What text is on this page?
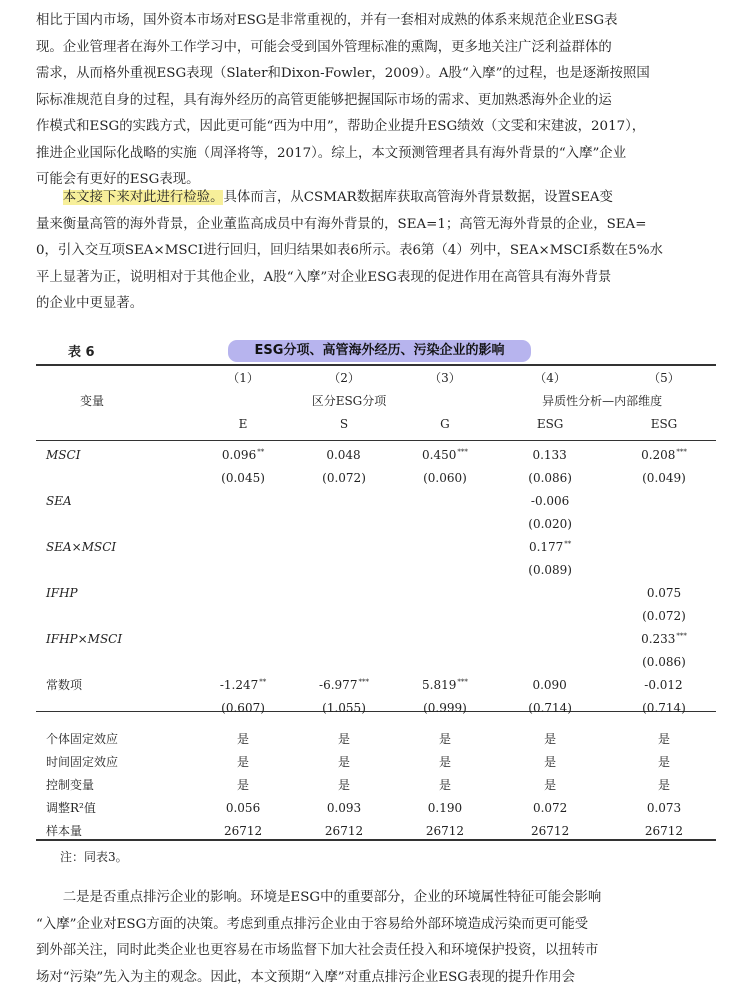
相比于国内市场，国外资本市场对ESG是非常重视的，并有一套相对成熟的体系来规范企业ESG表
现。企业管理者在海外工作学习中，可能会受到国外管理标准的熏陶，更多地关注广泛利益群体的
需求，从而格外重视ESG表现（Slater和Dixon-Fowler，2009）。A股“入摩”的过程，也是逐渐按照国
际标准规范自身的过程，具有海外经历的高管更能够把握国际市场的需求、更加熟悉海外企业的运
作模式和ESG的实践方式，因此更可能“西为中用”，帮助企业提升ESG绩效（文雯和宋建波，2017），
推进企业国际化战略的实施（周泽将等，2017）。综上，本文预测管理者具有海外背景的“入摩”企业
可能会有更好的ESG表现。
　　本文接下来对此进行检验。具体而言，从CSMAR数据库获取高管海外背景数据，设置SEA变
量来衡量高管的海外背景，企业董监高成员中有海外背景的，SEA=1；高管无海外背景的企业，SEA=
0，引入交互项SEA×MSCI进行回归，回归结果如表6所示。表6第（4）列中，SEA×MSCI系数在5%水
平上显著为正，说明相对于其他企业，A股“入摩”对企业ESG表现的促进作用在高管具有海外背景
的企业中更显著。
表 6	ESG分项、高管海外经历、污染企业的影响
	（1）	（2）	（3）	（4）	（5）
变量	区分ESG分项			异质性分析—内部维度	
	E	S	G	ESG	ESG

MSCI	0.096**	0.048	0.450***	0.133	0.208***
	(0.045)	(0.072)	(0.060)	(0.086)	(0.049)
SEA				-0.006	
				(0.020)	
SEA×MSCI				0.177**	
				(0.089)	
IFHP					0.075
					(0.072)
IFHP×MSCI					0.233***
					(0.086)
常数项	-1.247**	-6.977***	5.819***	0.090	-0.012
	(0.607)	(1.055)	(0.999)	(0.714)	(0.714)

个体固定效应	是	是	是	是	是
时间固定效应	是	是	是	是	是
控制变量	是	是	是	是	是
调整R²值	0.056	0.093	0.190	0.072	0.073
样本量	26712	26712	26712	26712	26712
注：同表3。
　　二是是否重点排污企业的影响。环境是ESG中的重要部分，企业的环境属性特征可能会影响
“入摩”企业对ESG方面的决策。考虑到重点排污企业由于容易给外部环境造成污染而更可能受
到外部关注，同时此类企业也更容易在市场监督下加大社会责任投入和环境保护投资，以扭转市
场对“污染”先入为主的观念。因此，本文预期“入摩”对重点排污企业ESG表现的提升作用会
